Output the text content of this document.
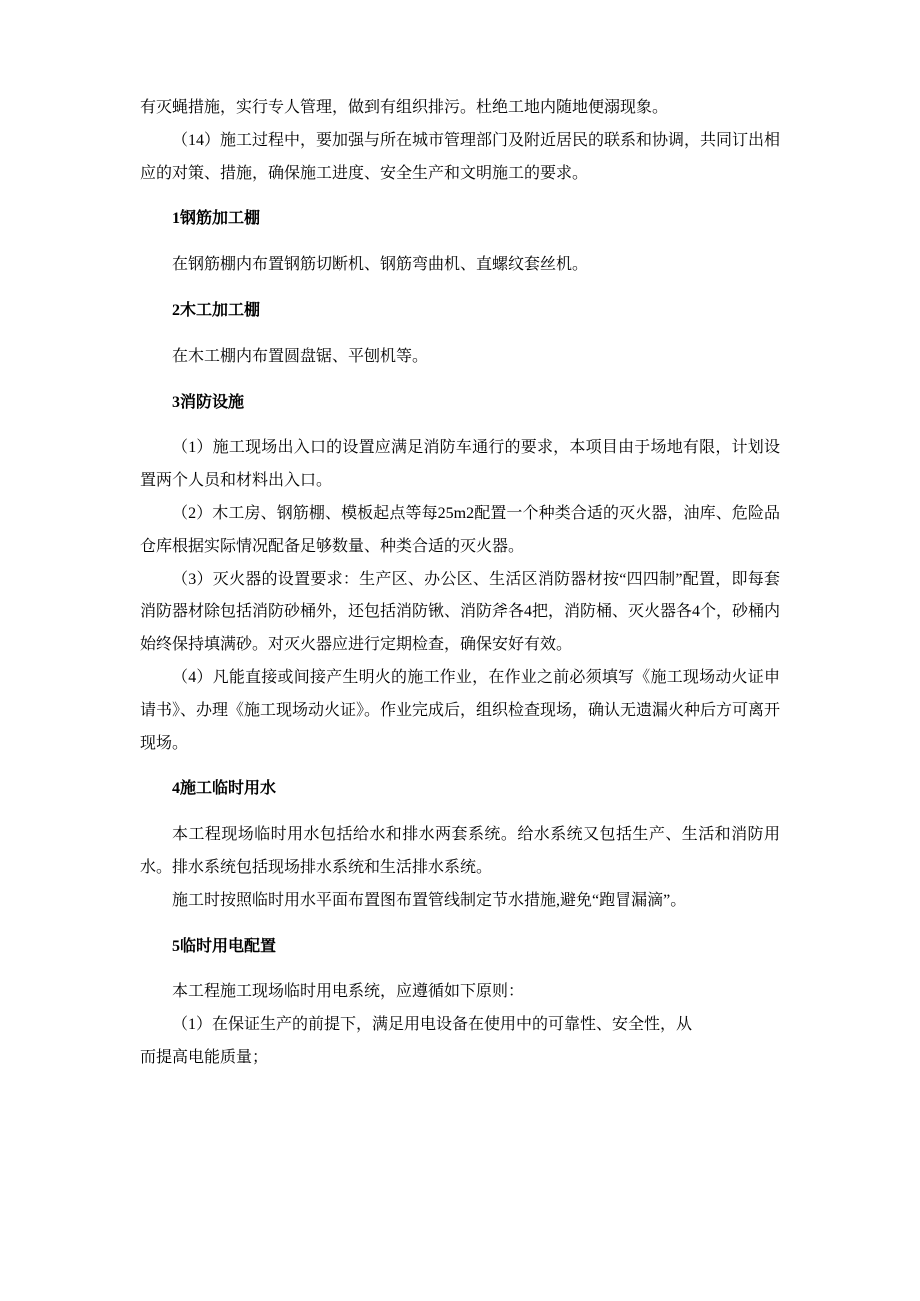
有灭蝇措施，实行专人管理，做到有组织排污。杜绝工地内随地便溺现象。

（14）施工过程中，要加强与所在城市管理部门及附近居民的联系和协调，共同订出相应的对策、措施，确保施工进度、安全生产和文明施工的要求。

1钢筋加工棚

在钢筋棚内布置钢筋切断机、钢筋弯曲机、直螺纹套丝机。

2木工加工棚

在木工棚内布置圆盘锯、平刨机等。

3消防设施

（1）施工现场出入口的设置应满足消防车通行的要求，本项目由于场地有限，计划设置两个人员和材料出入口。

（2）木工房、钢筋棚、模板起点等每25m2配置一个种类合适的灭火器，油库、危险品仓库根据实际情况配备足够数量、种类合适的灭火器。

（3）灭火器的设置要求：生产区、办公区、生活区消防器材按“四四制”配置，即每套消防器材除包括消防砂桶外，还包括消防锹、消防斧各4把，消防桶、灭火器各4个，砂桶内始终保持填满砂。对灭火器应进行定期检查，确保安好有效。

（4）凡能直接或间接产生明火的施工作业，在作业之前必须填写《施工现场动火证申请书》、办理《施工现场动火证》。作业完成后，组织检查现场，确认无遗漏火种后方可离开现场。

4施工临时用水

本工程现场临时用水包括给水和排水两套系统。给水系统又包括生产、生活和消防用水。排水系统包括现场排水系统和生活排水系统。

施工时按照临时用水平面布置图布置管线制定节水措施,避免“跑冒漏滴”。

5临时用电配置

本工程施工现场临时用电系统，应遵循如下原则：

（1）在保证生产的前提下，满足用电设备在使用中的可靠性、安全性，从

而提高电能质量；
